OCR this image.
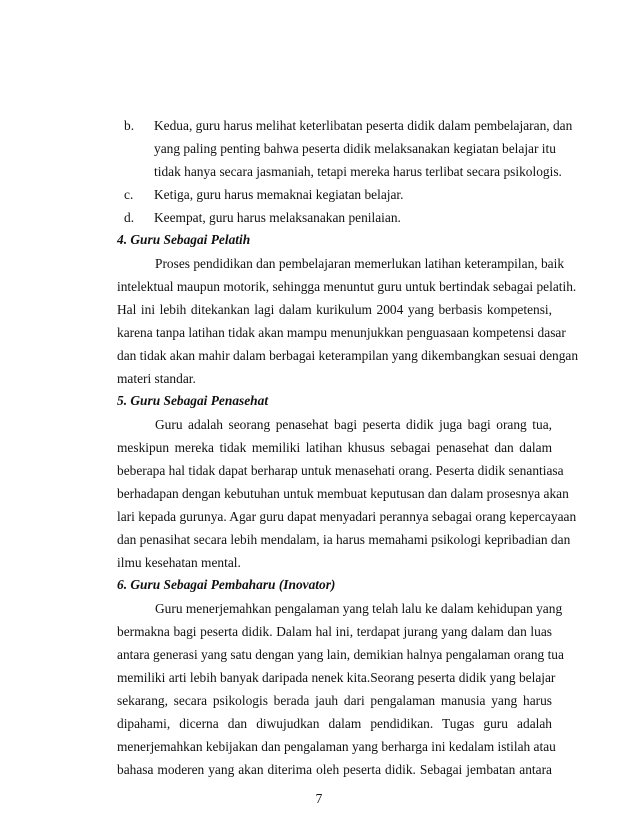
b. Kedua, guru harus melihat keterlibatan peserta didik dalam pembelajaran, dan
yang paling penting bahwa peserta didik melaksanakan kegiatan belajar itu
tidak hanya secara jasmaniah, tetapi mereka harus terlibat secara psikologis.
c. Ketiga, guru harus memaknai kegiatan belajar.
d. Keempat, guru harus melaksanakan penilaian.
4. Guru Sebagai Pelatih
Proses pendidikan dan pembelajaran memerlukan latihan keterampilan, baik
intelektual maupun motorik, sehingga menuntut guru untuk bertindak sebagai pelatih.
Hal ini lebih ditekankan lagi dalam kurikulum 2004 yang berbasis kompetensi,
karena tanpa latihan tidak akan mampu menunjukkan penguasaan kompetensi dasar
dan tidak akan mahir dalam berbagai keterampilan yang dikembangkan sesuai dengan
materi standar.
5. Guru Sebagai Penasehat
Guru adalah seorang penasehat bagi peserta didik juga bagi orang tua,
meskipun mereka tidak memiliki latihan khusus sebagai penasehat dan dalam
beberapa hal tidak dapat berharap untuk menasehati orang. Peserta didik senantiasa
berhadapan dengan kebutuhan untuk membuat keputusan dan dalam prosesnya akan
lari kepada gurunya. Agar guru dapat menyadari perannya sebagai orang kepercayaan
dan penasihat secara lebih mendalam, ia harus memahami psikologi kepribadian dan
ilmu kesehatan mental.
6. Guru Sebagai Pembaharu (Inovator)
Guru menerjemahkan pengalaman yang telah lalu ke dalam kehidupan yang
bermakna bagi peserta didik. Dalam hal ini, terdapat jurang yang dalam dan luas
antara generasi yang satu dengan yang lain, demikian halnya pengalaman orang tua
memiliki arti lebih banyak daripada nenek kita.Seorang peserta didik yang belajar
sekarang, secara psikologis berada jauh dari pengalaman manusia yang harus
dipahami, dicerna dan diwujudkan dalam pendidikan. Tugas guru adalah
menerjemahkan kebijakan dan pengalaman yang berharga ini kedalam istilah atau
bahasa moderen yang akan diterima oleh peserta didik. Sebagai jembatan antara
7
